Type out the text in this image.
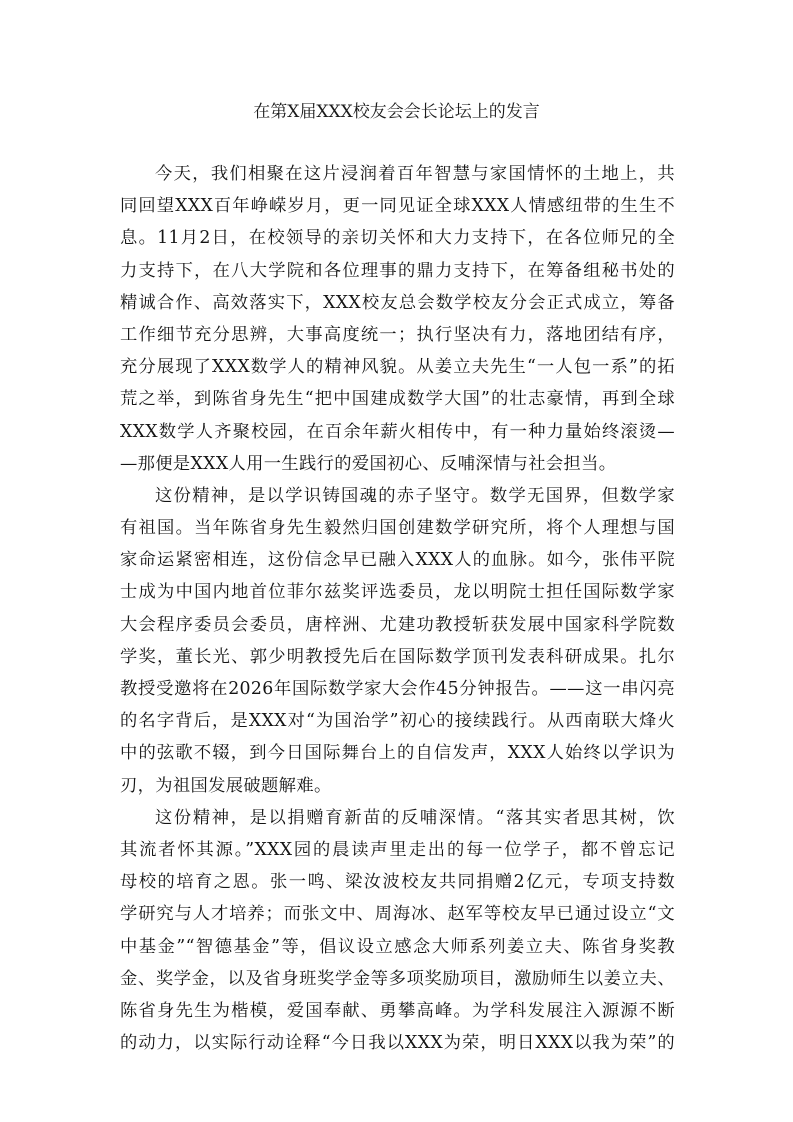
在第X届XXX校友会会长论坛上的发言
今天，我们相聚在这片浸润着百年智慧与家国情怀的土地上，共
同回望XXX百年峥嵘岁月，更一同见证全球XXX人情感纽带的生生不
息。11月2日，在校领导的亲切关怀和大力支持下，在各位师兄的全
力支持下，在八大学院和各位理事的鼎力支持下，在筹备组秘书处的
精诚合作、高效落实下，XXX校友总会数学校友分会正式成立，筹备
工作细节充分思辨，大事高度统一；执行坚决有力，落地团结有序，
充分展现了XXX数学人的精神风貌。从姜立夫先生“一人包一系”的拓
荒之举，到陈省身先生“把中国建成数学大国”的壮志豪情，再到全球
XXX数学人齐聚校园，在百余年薪火相传中，有一种力量始终滚烫—
—那便是XXX人用一生践行的爱国初心、反哺深情与社会担当。
这份精神，是以学识铸国魂的赤子坚守。数学无国界，但数学家
有祖国。当年陈省身先生毅然归国创建数学研究所，将个人理想与国
家命运紧密相连，这份信念早已融入XXX人的血脉。如今，张伟平院
士成为中国内地首位菲尔兹奖评选委员，龙以明院士担任国际数学家
大会程序委员会委员，唐梓洲、尤建功教授斩获发展中国家科学院数
学奖，董长光、郭少明教授先后在国际数学顶刊发表科研成果。扎尔
教授受邀将在2026年国际数学家大会作45分钟报告。——这一串闪亮
的名字背后，是XXX对“为国治学”初心的接续践行。从西南联大烽火
中的弦歌不辍，到今日国际舞台上的自信发声，XXX人始终以学识为
刃，为祖国发展破题解难。
这份精神，是以捐赠育新苗的反哺深情。“落其实者思其树，饮
其流者怀其源。”XXX园的晨读声里走出的每一位学子，都不曾忘记
母校的培育之恩。张一鸣、梁汝波校友共同捐赠2亿元，专项支持数
学研究与人才培养；而张文中、周海冰、赵军等校友早已通过设立“文
中基金”“智德基金”等，倡议设立感念大师系列姜立夫、陈省身奖教
金、奖学金，以及省身班奖学金等多项奖励项目，激励师生以姜立夫、
陈省身先生为楷模，爱国奉献、勇攀高峰。为学科发展注入源源不断
的动力，以实际行动诠释“今日我以XXX为荣，明日XXX以我为荣”的
